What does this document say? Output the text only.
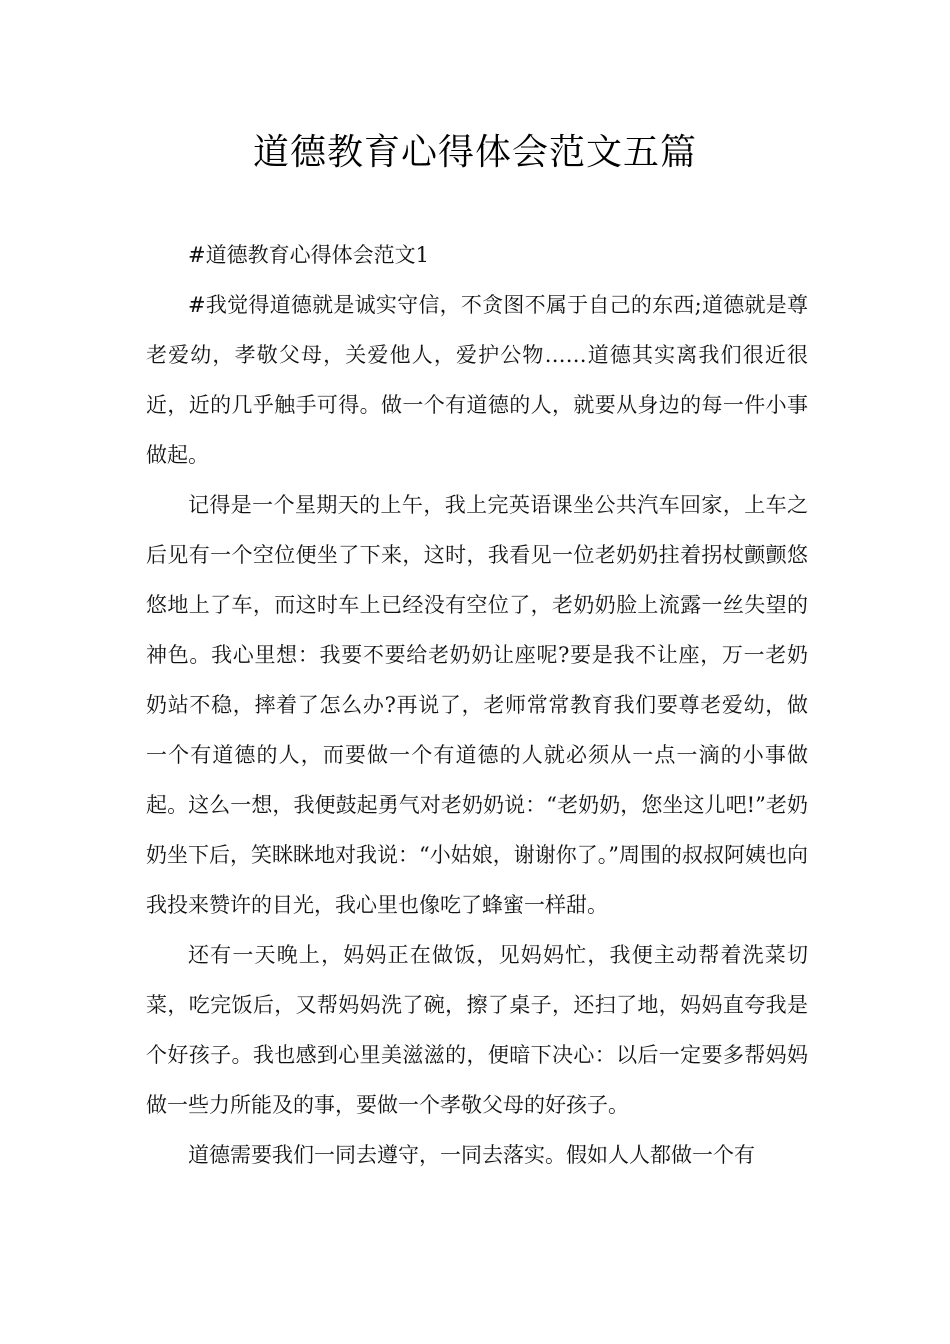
道德教育心得体会范文五篇

#道德教育心得体会范文1

#我觉得道德就是诚实守信，不贪图不属于自己的东西;道德就是尊老爱幼，孝敬父母，关爱他人，爱护公物……道德其实离我们很近很近，近的几乎触手可得。做一个有道德的人，就要从身边的每一件小事做起。

记得是一个星期天的上午，我上完英语课坐公共汽车回家，上车之后见有一个空位便坐了下来，这时，我看见一位老奶奶拄着拐杖颤颤悠悠地上了车，而这时车上已经没有空位了，老奶奶脸上流露一丝失望的神色。我心里想：我要不要给老奶奶让座呢?要是我不让座，万一老奶奶站不稳，摔着了怎么办?再说了，老师常常教育我们要尊老爱幼，做一个有道德的人，而要做一个有道德的人就必须从一点一滴的小事做起。这么一想，我便鼓起勇气对老奶奶说：“老奶奶，您坐这儿吧!”老奶奶坐下后，笑眯眯地对我说：“小姑娘，谢谢你了。”周围的叔叔阿姨也向我投来赞许的目光，我心里也像吃了蜂蜜一样甜。

还有一天晚上，妈妈正在做饭，见妈妈忙，我便主动帮着洗菜切菜，吃完饭后，又帮妈妈洗了碗，擦了桌子，还扫了地，妈妈直夸我是个好孩子。我也感到心里美滋滋的，便暗下决心：以后一定要多帮妈妈做一些力所能及的事，要做一个孝敬父母的好孩子。

道德需要我们一同去遵守，一同去落实。假如人人都做一个有
